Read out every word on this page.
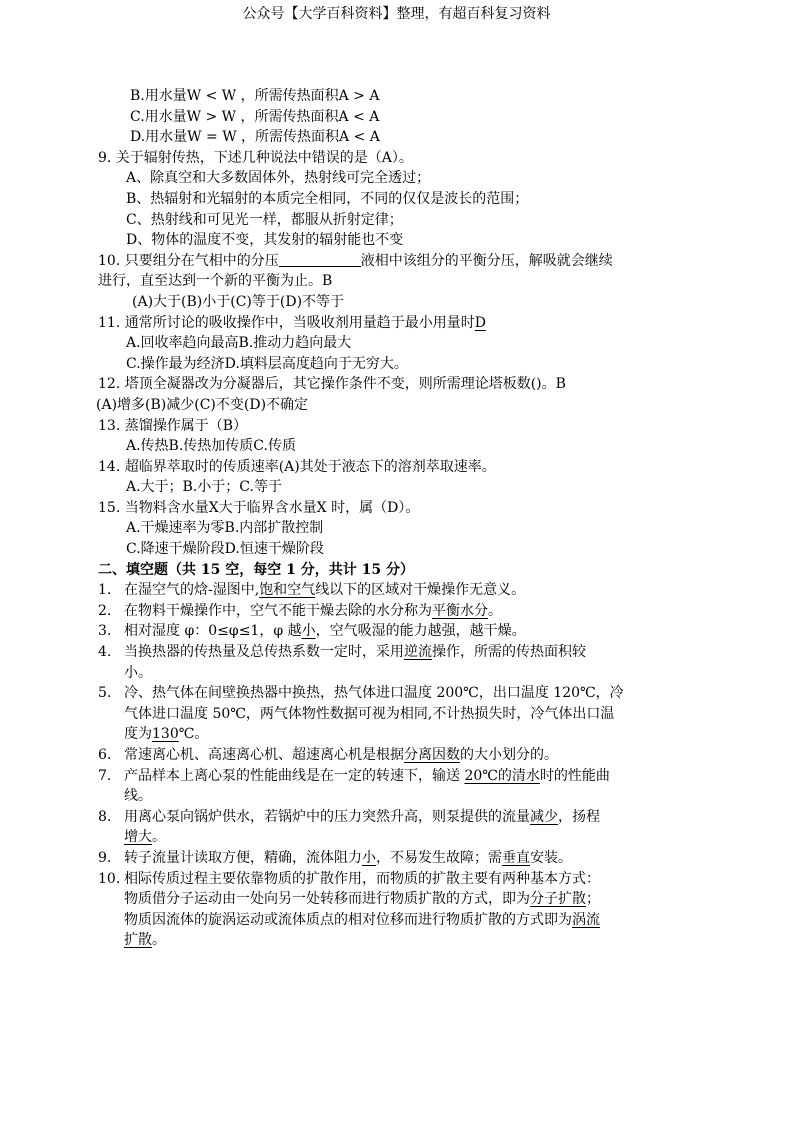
公众号【大学百科资料】整理，有超百科复习资料
B.用水量W < W ，所需传热面积A > A
C.用水量W > W ，所需传热面积A < A
D.用水量W = W ，所需传热面积A < A
9. 关于辐射传热，下述几种说法中错误的是（A）。
A、除真空和大多数固体外，热射线可完全透过；
B、热辐射和光辐射的本质完全相同，不同的仅仅是波长的范围；
C、热射线和可见光一样，都服从折射定律；
D、物体的温度不变，其发射的辐射能也不变
10. 只要组分在气相中的分压	液相中该组分的平衡分压，解吸就会继续
进行，直至达到一个新的平衡为止。B
(A)大于(B)小于(C)等于(D)不等于
11. 通常所讨论的吸收操作中，当吸收剂用量趋于最小用量时D
A.回收率趋向最高B.推动力趋向最大
C.操作最为经济D.填料层高度趋向于无穷大。
12. 塔顶全凝器改为分凝器后，其它操作条件不变，则所需理论塔板数()。B
(A)增多(B)减少(C)不变(D)不确定
13. 蒸馏操作属于（B）
A.传热B.传热加传质C.传质
14. 超临界萃取时的传质速率(A)其处于液态下的溶剂萃取速率。
A.大于；B.小于；C.等于
15. 当物料含水量X大于临界含水量X 时，属（D）。
A.干燥速率为零B.内部扩散控制
C.降速干燥阶段D.恒速干燥阶段
二、填空题（共 15 空，每空 1 分，共计 15 分）
1. 在湿空气的焓-湿图中,饱和空气线以下的区域对干燥操作无意义。
2. 在物料干燥操作中，空气不能干燥去除的水分称为平衡水分。
3. 相对湿度 φ：0≤φ≤1，φ 越小，空气吸湿的能力越强，越干燥。
4. 当换热器的传热量及总传热系数一定时，采用逆流操作，所需的传热面积较
小。
5. 冷、热气体在间壁换热器中换热，热气体进口温度 200℃，出口温度 120℃，冷
气体进口温度 50℃，两气体物性数据可视为相同,不计热损失时，冷气体出口温
度为130℃。
6. 常速离心机、高速离心机、超速离心机是根据分离因数的大小划分的。
7. 产品样本上离心泵的性能曲线是在一定的转速下，输送 20℃的清水时的性能曲
线。
8. 用离心泵向锅炉供水，若锅炉中的压力突然升高，则泵提供的流量减少，扬程
增大。
9. 转子流量计读取方便，精确，流体阻力小，不易发生故障；需垂直安装。
10. 相际传质过程主要依靠物质的扩散作用，而物质的扩散主要有两种基本方式：
物质借分子运动由一处向另一处转移而进行物质扩散的方式，即为分子扩散；
物质因流体的旋涡运动或流体质点的相对位移而进行物质扩散的方式即为涡流
扩散。
